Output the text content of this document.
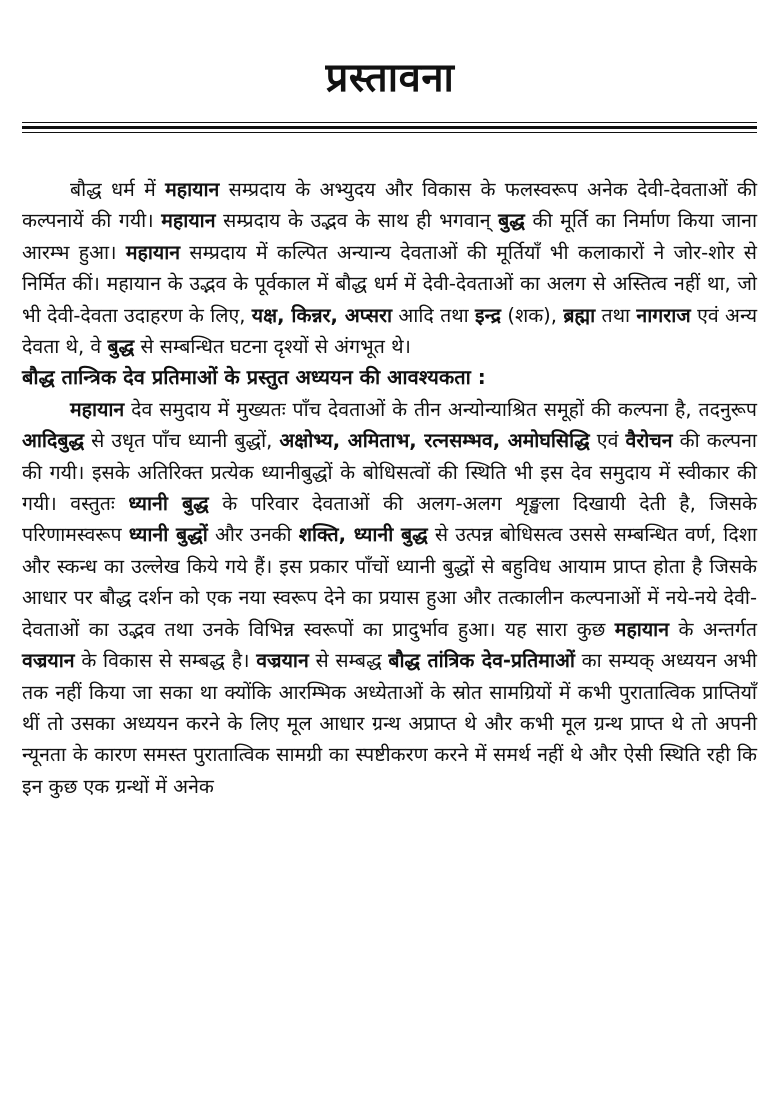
प्रस्तावना

बौद्ध धर्म में महायान सम्प्रदाय के अभ्युदय और विकास के फलस्वरूप अनेक देवी-देवताओं की कल्पनायें की गयी। महायान सम्प्रदाय के उद्भव के साथ ही भगवान् बुद्ध की मूर्ति का निर्माण किया जाना आरम्भ हुआ। महायान सम्प्रदाय में कल्पित अन्यान्य देवताओं की मूर्तियाँ भी कलाकारों ने जोर-शोर से निर्मित कीं। महायान के उद्भव के पूर्वकाल में बौद्ध धर्म में देवी-देवताओं का अलग से अस्तित्व नहीं था, जो भी देवी-देवता उदाहरण के लिए, यक्ष, किन्नर, अप्सरा आदि तथा इन्द्र (शक), ब्रह्मा तथा नागराज एवं अन्य देवता थे, वे बुद्ध से सम्बन्धित घटना दृश्यों से अंगभूत थे।

बौद्ध तान्त्रिक देव प्रतिमाओं के प्रस्तुत अध्ययन की आवश्यकता :

महायान देव समुदाय में मुख्यतः पाँच देवताओं के तीन अन्योन्याश्रित समूहों की कल्पना है, तदनुरूप आदिबुद्ध से उधृत पाँच ध्यानी बुद्धों, अक्षोभ्य, अमिताभ, रत्नसम्भव, अमोघसिद्धि एवं वैरोचन की कल्पना की गयी। इसके अतिरिक्त प्रत्येक ध्यानीबुद्धों के बोधिसत्वों की स्थिति भी इस देव समुदाय में स्वीकार की गयी। वस्तुतः ध्यानी बुद्ध के परिवार देवताओं की अलग-अलग शृङ्खला दिखायी देती है, जिसके परिणामस्वरूप ध्यानी बुद्धों और उनकी शक्ति, ध्यानी बुद्ध से उत्पन्न बोधिसत्व उससे सम्बन्धित वर्ण, दिशा और स्कन्ध का उल्लेख किये गये हैं। इस प्रकार पाँचों ध्यानी बुद्धों से बहुविध आयाम प्राप्त होता है जिसके आधार पर बौद्ध दर्शन को एक नया स्वरूप देने का प्रयास हुआ और तत्कालीन कल्पनाओं में नये-नये देवी-देवताओं का उद्भव तथा उनके विभिन्न स्वरूपों का प्रादुर्भाव हुआ। यह सारा कुछ महायान के अन्तर्गत वज्रयान के विकास से सम्बद्ध है। वज्रयान से सम्बद्ध बौद्ध तांत्रिक देव-प्रतिमाओं का सम्यक् अध्ययन अभी तक नहीं किया जा सका था क्योंकि आरम्भिक अध्येताओं के स्रोत सामग्रियों में कभी पुरातात्विक प्राप्तियाँ थीं तो उसका अध्ययन करने के लिए मूल आधार ग्रन्थ अप्राप्त थे और कभी मूल ग्रन्थ प्राप्त थे तो अपनी न्यूनता के कारण समस्त पुरातात्विक सामग्री का स्पष्टीकरण करने में समर्थ नहीं थे और ऐसी स्थिति रही कि इन कुछ एक ग्रन्थों में अनेक
